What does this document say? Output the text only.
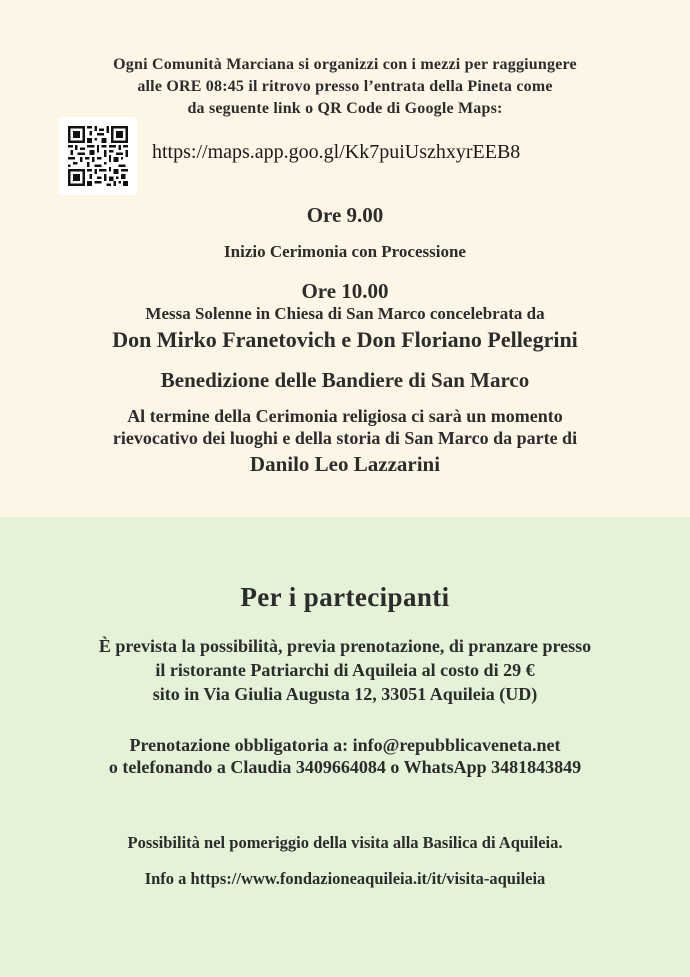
Ogni Comunità Marciana si organizzi con i mezzi per raggiungere
alle ORE 08:45 il ritrovo presso l’entrata della Pineta come
da seguente link o QR Code di Google Maps:
https://maps.app.goo.gl/Kk7puiUszhxyrEEB8
Ore 9.00
Inizio Cerimonia con Processione
Ore 10.00
Messa Solenne in Chiesa di San Marco concelebrata da
Don Mirko Franetovich e Don Floriano Pellegrini
Benedizione delle Bandiere di San Marco
Al termine della Cerimonia religiosa ci sarà un momento
rievocativo dei luoghi e della storia di San Marco da parte di
Danilo Leo Lazzarini
Per i partecipanti
È prevista la possibilità, previa prenotazione, di pranzare presso
il ristorante Patriarchi di Aquileia al costo di 29 €
sito in Via Giulia Augusta 12, 33051 Aquileia (UD)
Prenotazione obbligatoria a: info@repubblicaveneta.net
o telefonando a Claudia 3409664084 o WhatsApp 3481843849
Possibilità nel pomeriggio della visita alla Basilica di Aquileia.
Info a https://www.fondazioneaquileia.it/it/visita-aquileia
